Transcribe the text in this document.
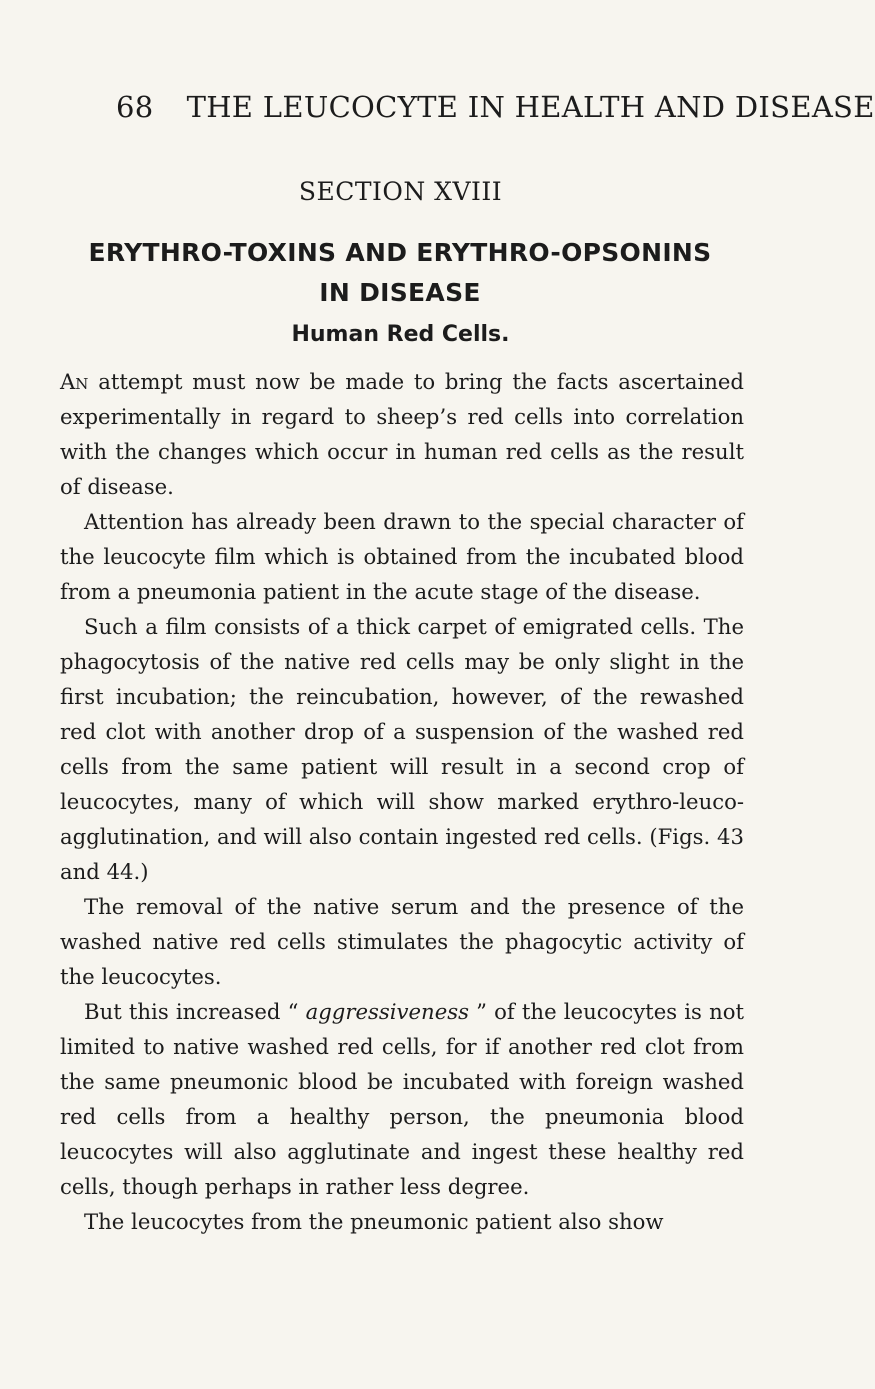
68 THE LEUCOCYTE IN HEALTH AND DISEASE
SECTION XVIII
ERYTHRO-TOXINS AND ERYTHRO-OPSONINS IN DISEASE
Human Red Cells.

An attempt must now be made to bring the facts ascertained experimentally in regard to sheep’s red cells into correlation with the changes which occur in human red cells as the result of disease.

Attention has already been drawn to the special character of the leucocyte film which is obtained from the incubated blood from a pneumonia patient in the acute stage of the disease.

Such a film consists of a thick carpet of emigrated cells. The phagocytosis of the native red cells may be only slight in the first incubation; the reincubation, however, of the rewashed red clot with another drop of a suspension of the washed red cells from the same patient will result in a second crop of leucocytes, many of which will show marked erythro-leuco-agglutination, and will also contain ingested red cells. (Figs. 43 and 44.)

The removal of the native serum and the presence of the washed native red cells stimulates the phagocytic activity of the leucocytes.

But this increased “ aggressiveness ” of the leucocytes is not limited to native washed red cells, for if another red clot from the same pneumonic blood be incubated with foreign washed red cells from a healthy person, the pneumonia blood leucocytes will also agglutinate and ingest these healthy red cells, though perhaps in rather less degree.

The leucocytes from the pneumonic patient also show
